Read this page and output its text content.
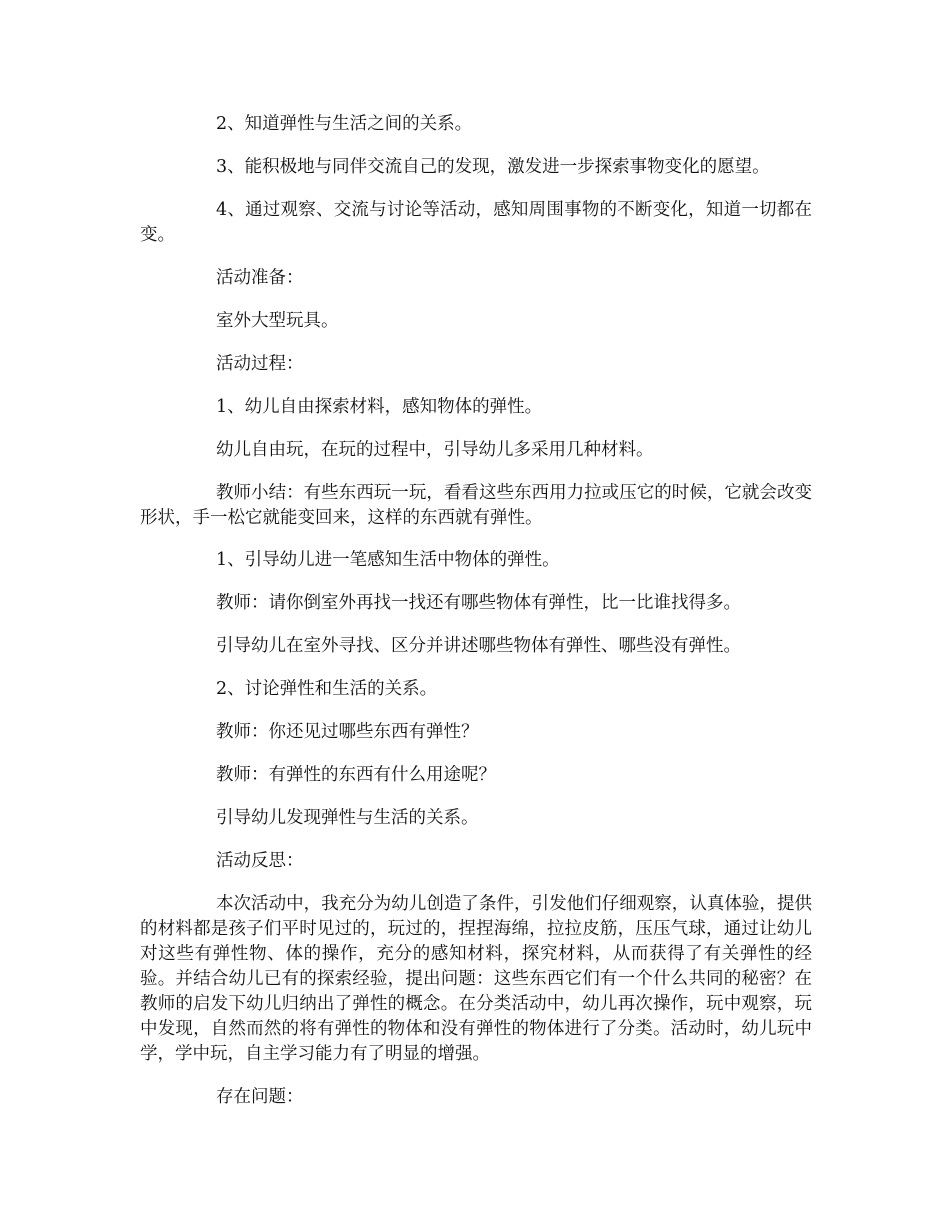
2、知道弹性与生活之间的关系。

3、能积极地与同伴交流自己的发现，激发进一步探索事物变化的愿望。

4、通过观察、交流与讨论等活动，感知周围事物的不断变化，知道一切都在变。

活动准备：

室外大型玩具。

活动过程：

1、幼儿自由探索材料，感知物体的弹性。

幼儿自由玩，在玩的过程中，引导幼儿多采用几种材料。

教师小结：有些东西玩一玩，看看这些东西用力拉或压它的时候，它就会改变形状，手一松它就能变回来，这样的东西就有弹性。

1、引导幼儿进一笔感知生活中物体的弹性。

教师：请你倒室外再找一找还有哪些物体有弹性，比一比谁找得多。

引导幼儿在室外寻找、区分并讲述哪些物体有弹性、哪些没有弹性。

2、讨论弹性和生活的关系。

教师：你还见过哪些东西有弹性？

教师：有弹性的东西有什么用途呢？

引导幼儿发现弹性与生活的关系。

活动反思：

本次活动中，我充分为幼儿创造了条件，引发他们仔细观察，认真体验，提供的材料都是孩子们平时见过的，玩过的，捏捏海绵，拉拉皮筋，压压气球，通过让幼儿对这些有弹性物、体的操作，充分的感知材料，探究材料，从而获得了有关弹性的经验。并结合幼儿已有的探索经验，提出问题：这些东西它们有一个什么共同的秘密？在教师的启发下幼儿归纳出了弹性的概念。在分类活动中，幼儿再次操作，玩中观察，玩中发现，自然而然的将有弹性的物体和没有弹性的物体进行了分类。活动时，幼儿玩中学，学中玩，自主学习能力有了明显的增强。

存在问题：
